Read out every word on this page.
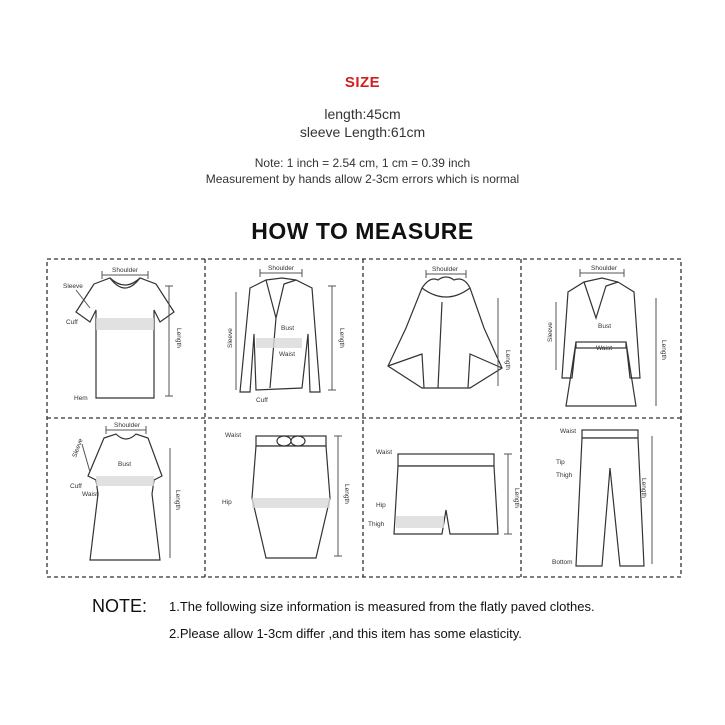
SIZE
length:45cm
sleeve Length:61cm
Note: 1 inch = 2.54 cm, 1 cm = 0.39 inch
Measurement by hands allow 2-3cm errors which is normal
HOW TO MEASURE
Shoulder
Sleeve
Cuff
Hem
Length
Shoulder
Bust
Waist
Cuff
Sleeve	Length
Shoulder
Length
Shoulder
Bust
Waist
Sleeve
Length
Shoulder
Bust
Cuff
Waist
Sleeve
Length
Waist
Hip	Length
Waist
Hip
Thigh
Length
Waist
Tip
Thigh
Bottom
Length
NOTE: 1.The following size information is measured from the flatly paved clothes.
2.Please allow 1-3cm differ ,and this item has some elasticity.
